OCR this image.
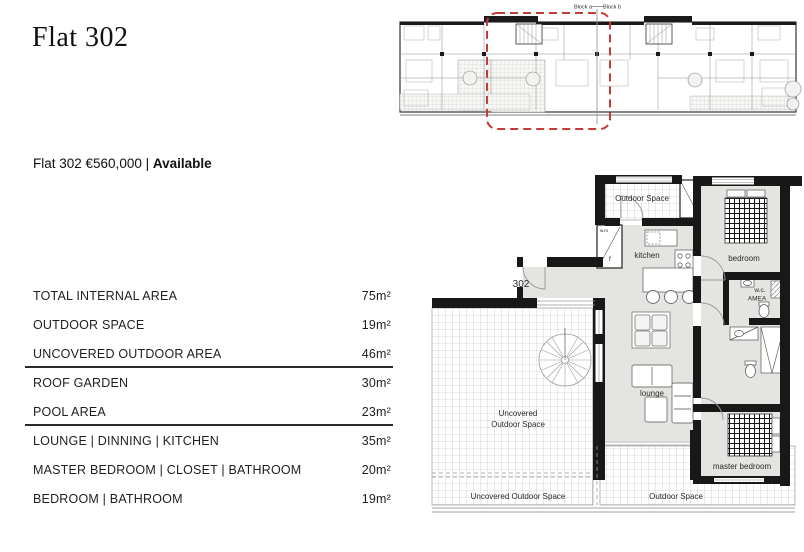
Flat 302
Flat 302 €560,000 | Available
TOTAL INTERNAL AREA	75m²
OUTDOOR SPACE	19m²
UNCOVERED OUTDOOR AREA	46m²
ROOF GARDEN	30m²
POOL AREA	23m²
LOUNGE | DINNING | KITCHEN	35m²
MASTER BEDROOM | CLOSET | BATHROOM	20m²
BEDROOM | BATHROOM	19m²
Block a Block b
Outdoor Space
w.m
f	kitchen	bedroom
w.c.
AMEA
302
lounge
Uncovered
Outdoor Space
Uncovered Outdoor Space	Outdoor Space
master bedroom
